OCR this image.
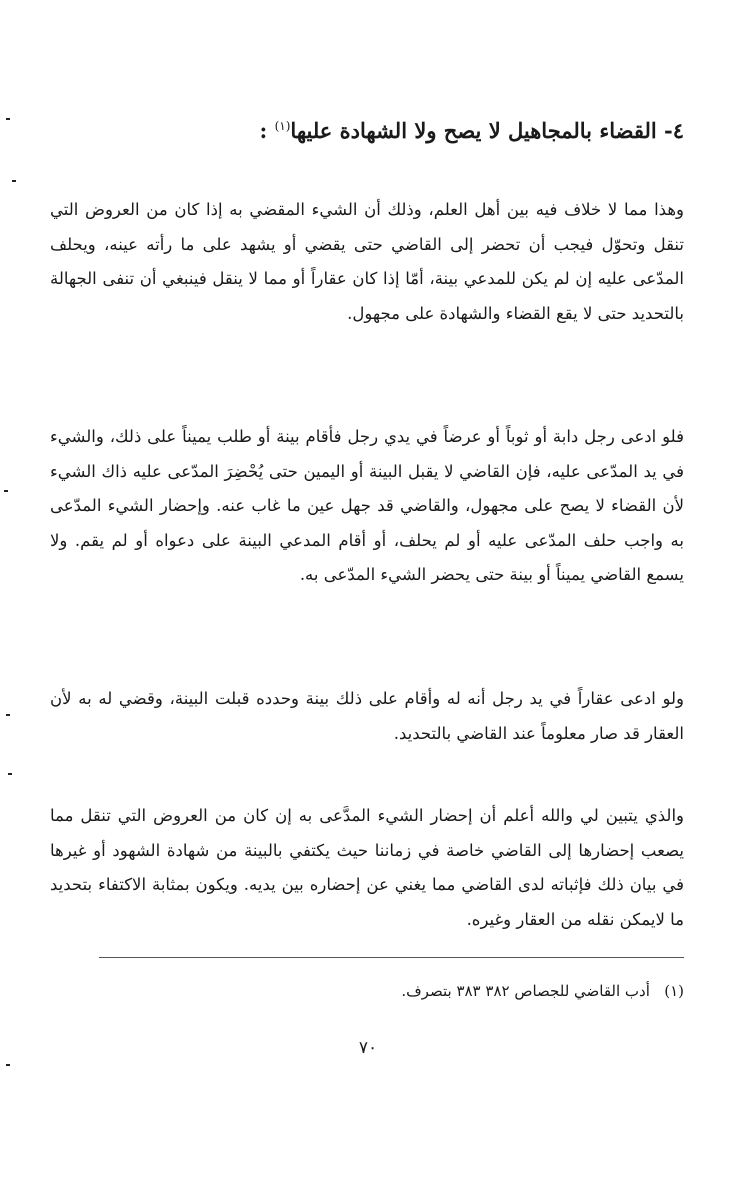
٤- القضاء بالمجاهيل لا يصح ولا الشهادة عليها$^{(١)}$ :

وهذا مما لا خلاف فيه بين أهل العلم، وذلك أن الشيء المقضي به إذا كان من العروض التي تنقل وتحوّل فيجب أن تحضر إلى القاضي حتى يقضي أو يشهد على ما رأته عينه، ويحلف المدّعى عليه إن لم يكن للمدعي بينة، أمّا إذا كان عقاراً أو مما لا ينقل فينبغي أن تنفى الجهالة بالتحديد حتى لا يقع القضاء والشهادة على مجهول.

فلو ادعى رجل دابة أو ثوباً أو عرضاً في يدي رجل فأقام بينة أو طلب يميناً على ذلك، والشيء في يد المدّعى عليه، فإن القاضي لا يقبل البينة أو اليمين حتى يُحْضِرَ المدّعى عليه ذاك الشيء لأن القضاء لا يصح على مجهول، والقاضي قد جهل عين ما غاب عنه. وإحضار الشيء المدّعى به واجب حلف المدّعى عليه أو لم يحلف، أو أقام المدعي البينة على دعواه أو لم يقم. ولا يسمع القاضي يميناً أو بينة حتى يحضر الشيء المدّعى به.

ولو ادعى عقاراً في يد رجل أنه له وأقام على ذلك بينة وحدده قبلت البينة، وقضي له به لأن العقار قد صار معلوماً عند القاضي بالتحديد.

والذي يتبين لي والله أعلم أن إحضار الشيء المدَّعى به إن كان من العروض التي تنقل مما يصعب إحضارها إلى القاضي خاصة في زماننا حيث يكتفي بالبينة من شهادة الشهود أو غيرها في بيان ذلك فإثباته لدى القاضي مما يغني عن إحضاره بين يديه. ويكون بمثابة الاكتفاء بتحديد ما لايمكن نقله من العقار وغيره.

(١)   أدب القاضي للجصاص ٣٨٢ ٣٨٣ بتصرف.
٧٠
